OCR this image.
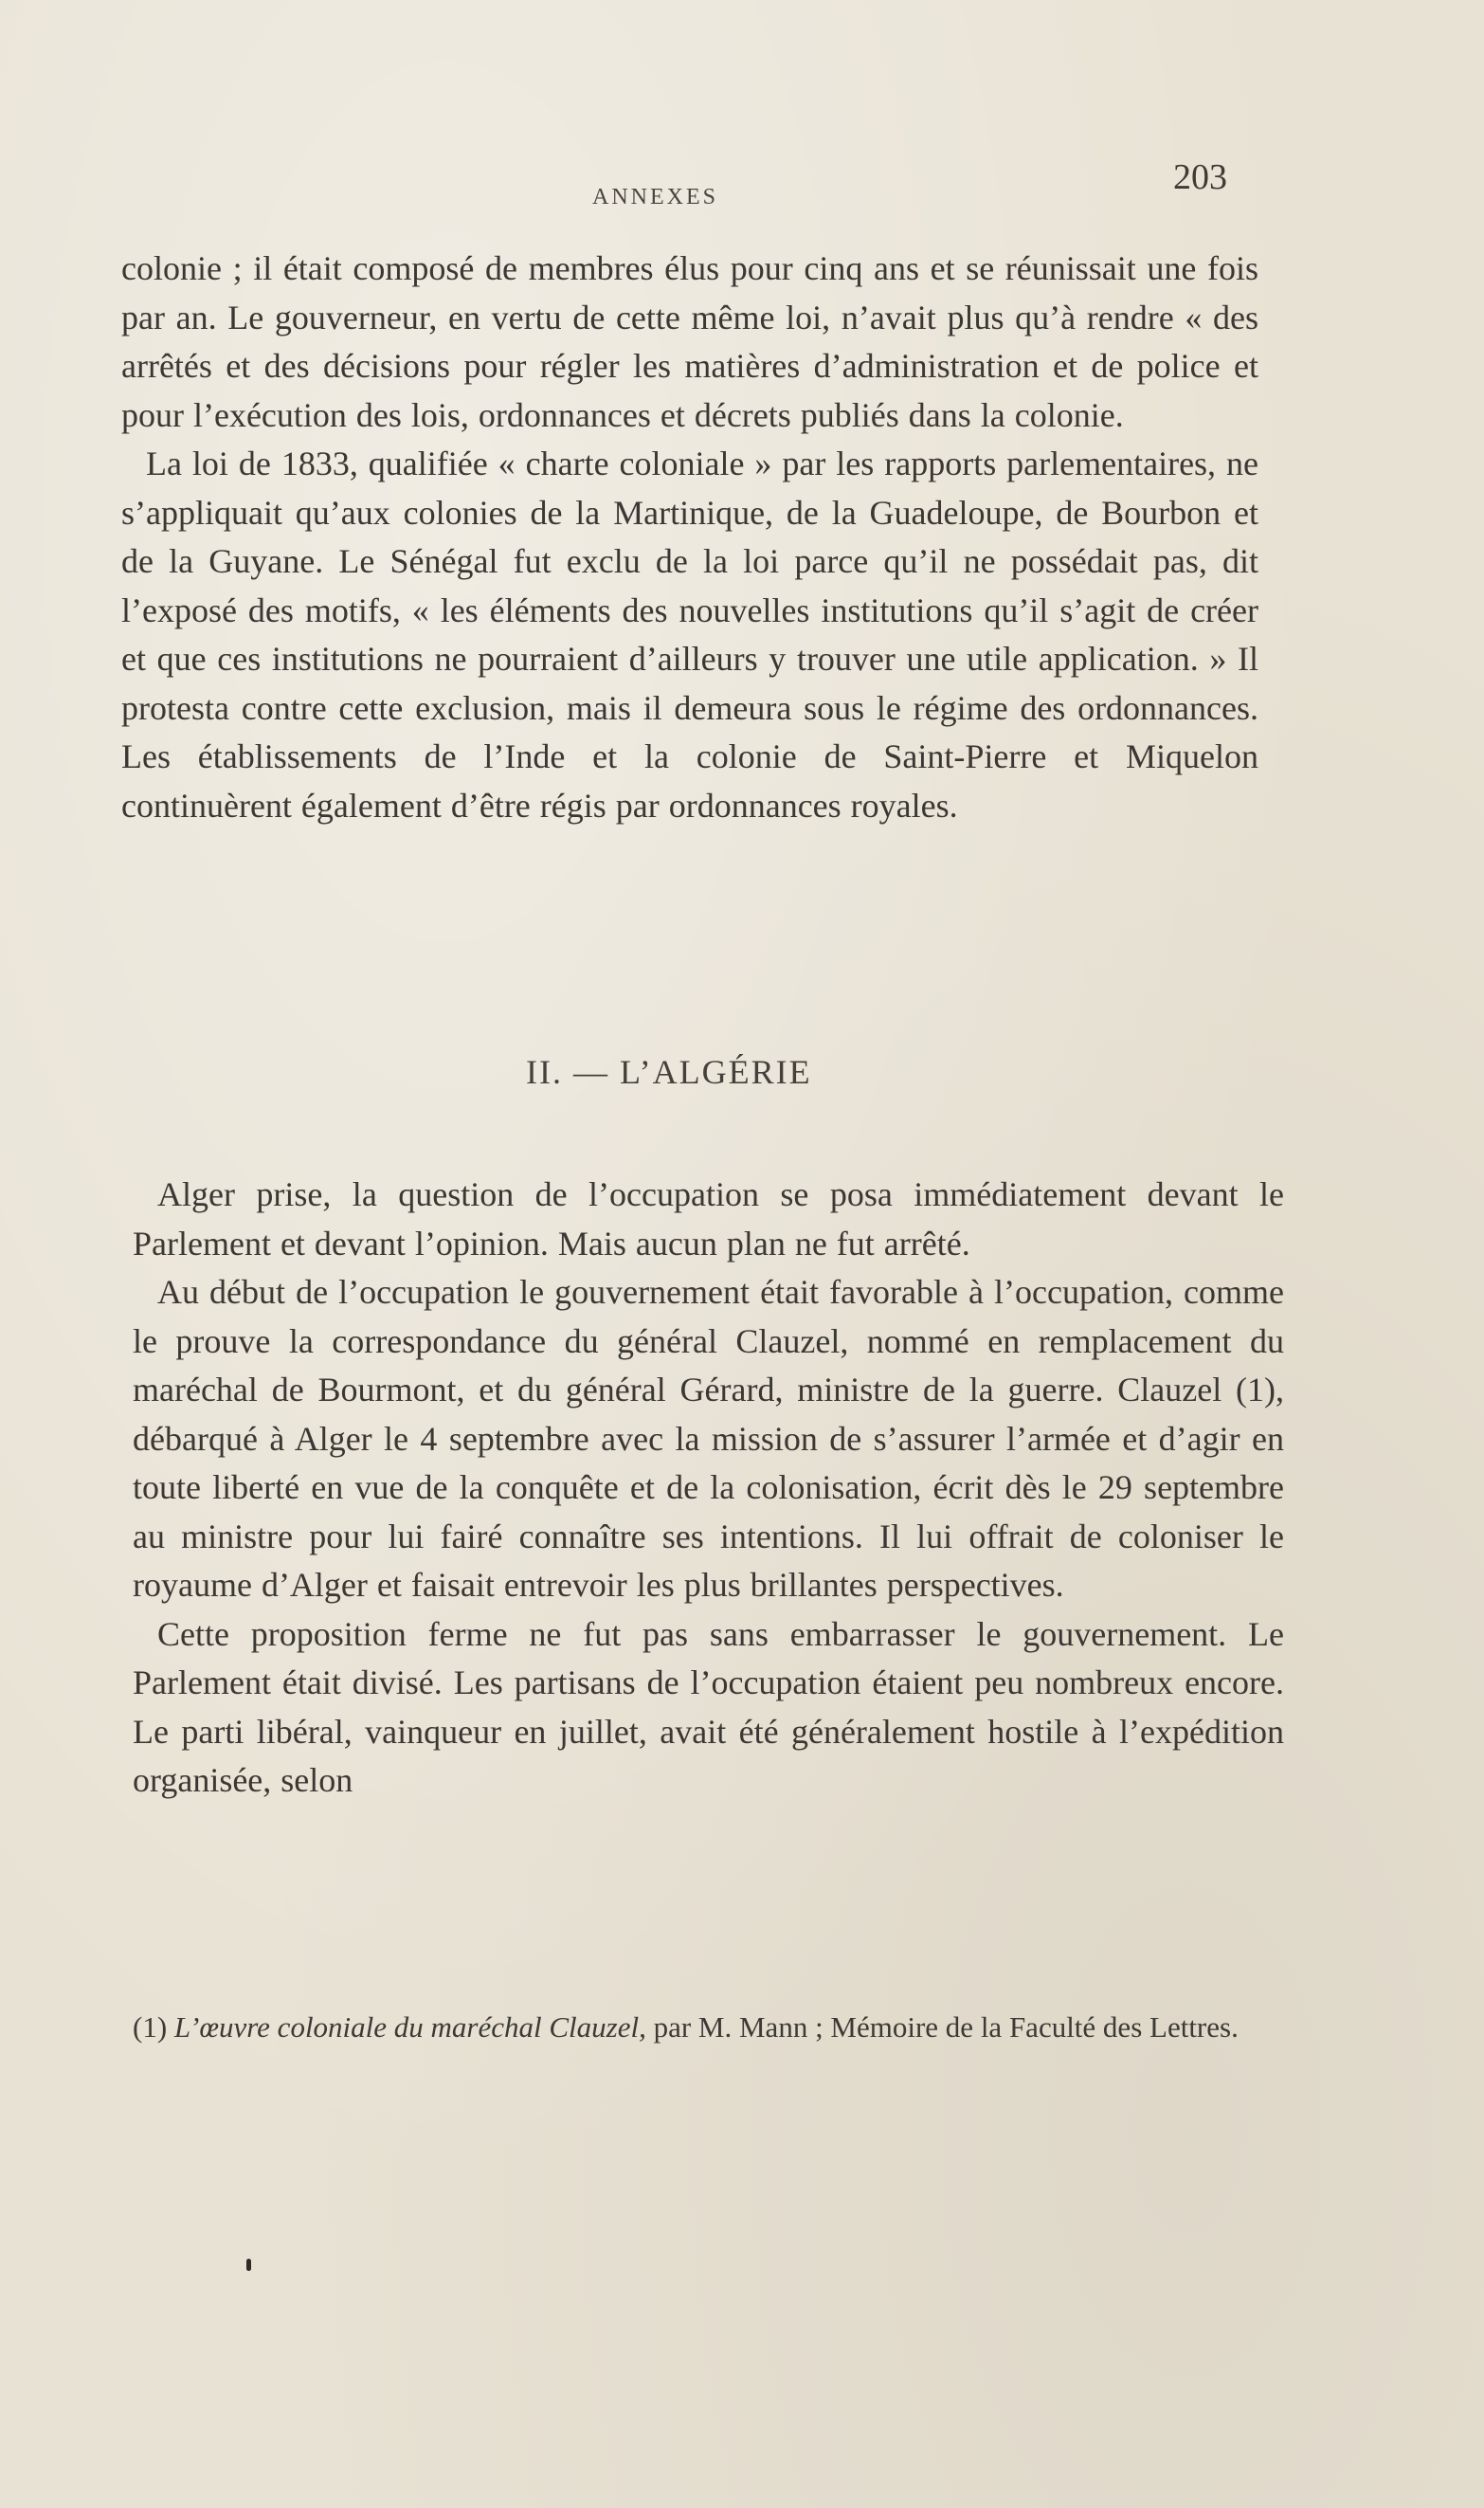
ANNEXES	203

colonie ; il était composé de membres élus pour cinq ans et se réunissait une fois par an. Le gouverneur, en vertu de cette même loi, n’avait plus qu’à rendre « des arrêtés et des décisions pour régler les matières d’administration et de police et pour l’exécution des lois, ordonnances et décrets publiés dans la colonie.

La loi de 1833, qualifiée « charte coloniale » par les rapports parlementaires, ne s’appliquait qu’aux colonies de la Martinique, de la Guadeloupe, de Bourbon et de la Guyane. Le Sénégal fut exclu de la loi parce qu’il ne possédait pas, dit l’exposé des motifs, « les éléments des nouvelles institutions qu’il s’agit de créer et que ces institutions ne pourraient d’ailleurs y trouver une utile application. » Il protesta contre cette exclusion, mais il demeura sous le régime des ordonnances. Les établissements de l’Inde et la colonie de Saint-Pierre et Miquelon continuèrent également d’être régis par ordonnances royales.

II. — L’ALGÉRIE

Alger prise, la question de l’occupation se posa immédiatement devant le Parlement et devant l’opinion. Mais aucun plan ne fut arrêté.

Au début de l’occupation le gouvernement était favorable à l’occupation, comme le prouve la correspondance du général Clauzel, nommé en remplacement du maréchal de Bourmont, et du général Gérard, ministre de la guerre. Clauzel (1), débarqué à Alger le 4 septembre avec la mission de s’assurer l’armée et d’agir en toute liberté en vue de la conquête et de la colonisation, écrit dès le 29 septembre au ministre pour lui fairé connaître ses intentions. Il lui offrait de coloniser le royaume d’Alger et faisait entrevoir les plus brillantes perspectives.

Cette proposition ferme ne fut pas sans embarrasser le gouvernement. Le Parlement était divisé. Les partisans de l’occupation étaient peu nombreux encore. Le parti libéral, vainqueur en juillet, avait été généralement hostile à l’expédition organisée, selon

(1) L’œuvre coloniale du maréchal Clauzel, par M. Mann ; Mémoire de la Faculté des Lettres.
